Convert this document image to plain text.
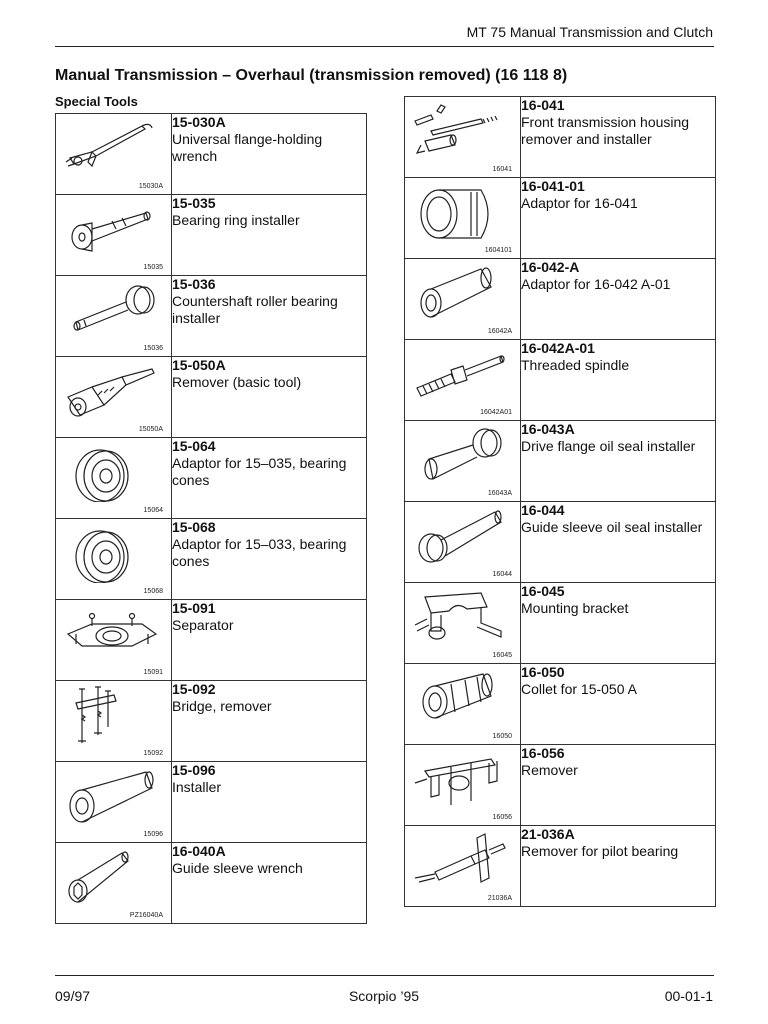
MT 75 Manual Transmission and Clutch
Manual Transmission – Overhaul (transmission removed) (16 118 8)
Special Tools
15030A	15-030A
Universal flange-holding wrench

15035	15-035
Bearing ring installer

15036	15-036
Countershaft roller bearing installer

15050A	15-050A
Remover (basic tool)

15064	15-064
Adaptor for 15–035, bearing cones

15068	15-068
Adaptor for 15–033, bearing cones

15091	15-091
Separator

15092	15-092
Bridge, remover

15096	15-096
Installer

PZ16040A	16-040A
Guide sleeve wrench
16041	16-041
Front transmission housing remover and installer

1604101	16-041-01
Adaptor for 16-041

16042A	16-042-A
Adaptor for 16-042 A-01

16042A01	16-042A-01
Threaded spindle

16043A	16-043A
Drive flange oil seal installer

16044	16-044
Guide sleeve oil seal installer

16045	16-045
Mounting bracket

16050	16-050
Collet for 15-050 A

16056	16-056
Remover

21036A	21-036A
Remover for pilot bearing
09/97	Scorpio ’95	00-01-1
